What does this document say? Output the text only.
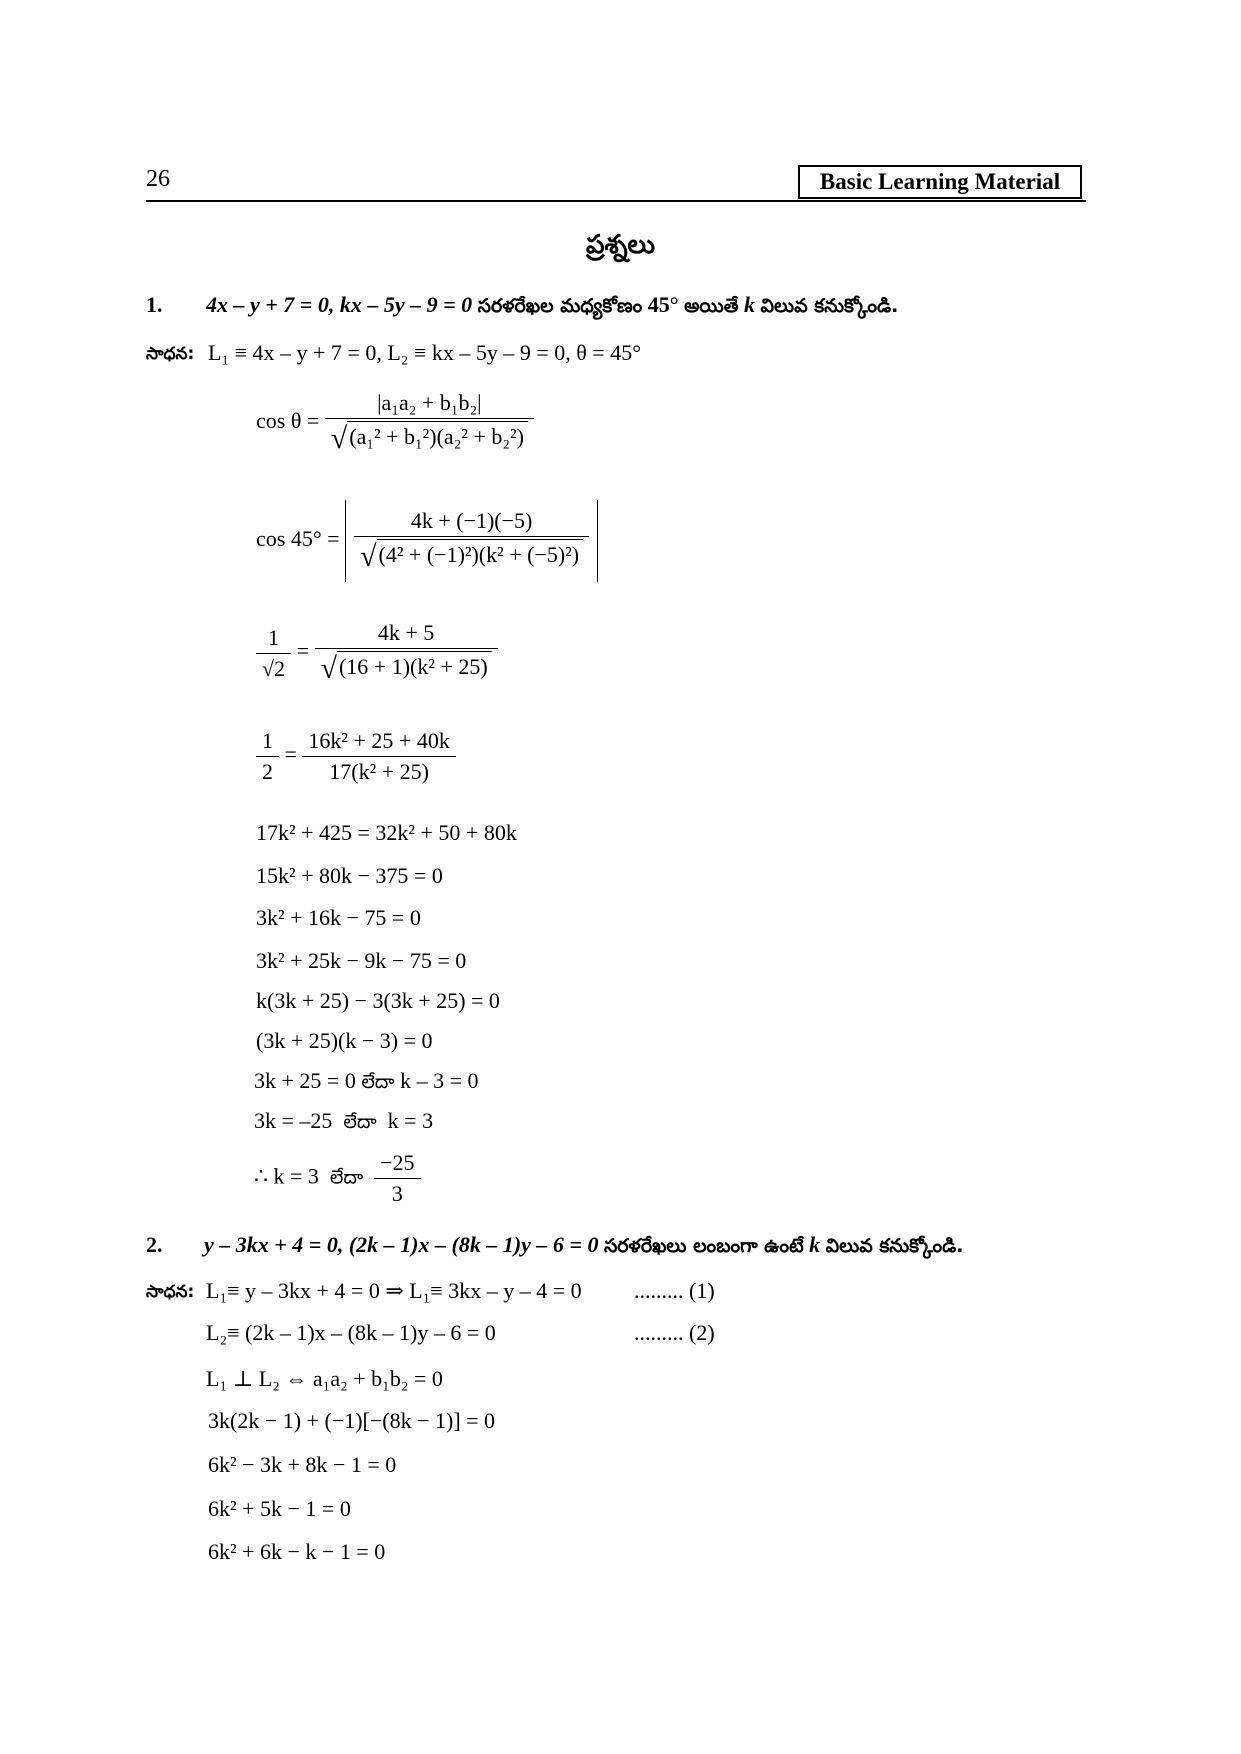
26	Basic Learning Material
ప్రశ్నలు
1. 4x – y + 7 = 0, kx – 5y – 9 = 0 సరళరేఖల మధ్యకోణం 45° అయితే k విలువ కనుక్కోండి.
సాధన: L₁ ≡ 4x – y + 7 = 0, L₂ ≡ kx – 5y – 9 = 0, θ = 45°
$\cos \theta = \frac{\text{|a₁a₂ + b₁b₂|}}{\text{√(a₁² + b₁²)(a₂² + b₂²)}}$
$\cos 45^\circ = \frac{4k + (-1)(-5)}{\text{√(4² + (−1)²)(k² + (−5)²)}}$
$\frac{1}{√2} = \frac{4k + 5}{\text{√(16 + 1)(k² + 25)}}$
$\frac{1}{2} = \frac{\text{16k² + 25 + 40k}}{\text{17(k² + 25)}}$
17k² + 425 = 32k² + 50 + 80k
15k² + 80k − 375 = 0
3k² + 16k − 75 = 0
3k² + 25k − 9k − 75 = 0
k(3k + 25) − 3(3k + 25) = 0
(3k + 25)(k − 3) = 0
3k + 25 = 0 లేదా k – 3 = 0
3k = –25 లేదా k = 3
∴ k = 3 లేదా $\frac{-25}{3}$
2. y – 3kx + 4 = 0, (2k – 1)x – (8k – 1)y – 6 = 0 సరళరేఖలు లంబంగా ఉంటే k విలువ కనుక్కోండి.
సాధన: L₁≡ y – 3kx + 4 = 0 ⇒ L₁≡ 3kx – y – 4 = 0 ......... (1)
L₂≡ (2k – 1)x – (8k – 1)y – 6 = 0	......... (2)
L₁ ⊥ L₂ ⇔ a₁a₂ + b₁b₂ = 0
3k(2k − 1) + (−1)[−(8k − 1)] = 0
6k² − 3k + 8k − 1 = 0
6k² + 5k − 1 = 0
6k² + 6k − k − 1 = 0
